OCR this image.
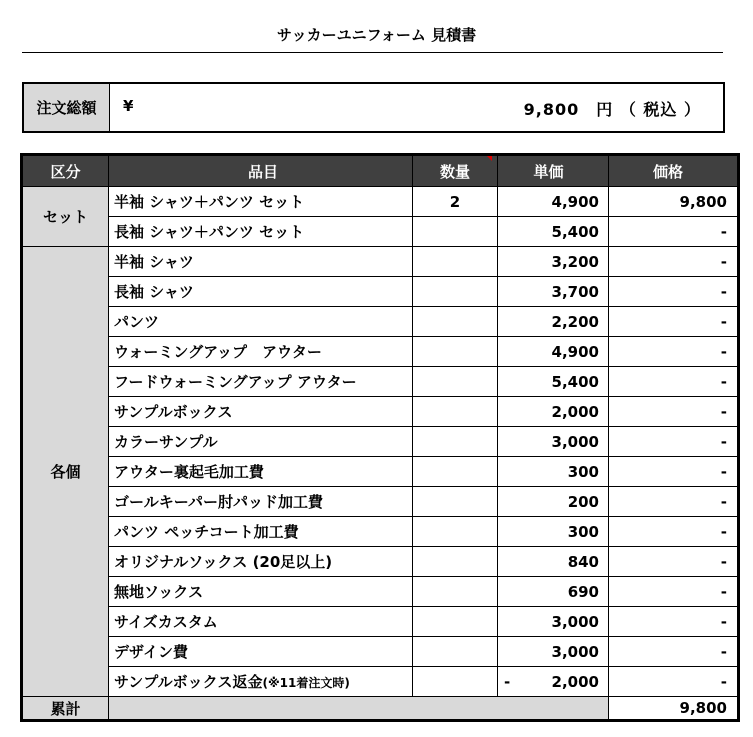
サッカーユニフォーム 見積書
注文総額	¥	9,800　円 （ 税込 ）
区分	品目	数量	単価	価格
セット	半袖 シャツ＋パンツ セット	2	4,900	9,800
	長袖 シャツ＋パンツ セット		5,400	-
各個	半袖 シャツ		3,200	-
	長袖 シャツ		3,700	-
	パンツ		2,200	-
	ウォーミングアップ　アウター		4,900	-
	フードウォーミングアップ アウター		5,400	-
	サンプルボックス		2,000	-
	カラーサンプル		3,000	-
	アウター裏起毛加工費		300	-
	ゴールキーパー肘パッド加工費		200	-
	パンツ ペッチコート加工費		300	-
	オリジナルソックス (20足以上)		840	-
	無地ソックス		690	-
	サイズカスタム		3,000	-
	デザイン費		3,000	-
	サンプルボックス返金(※11着注文時)		- 2,000	-
累計				9,800
